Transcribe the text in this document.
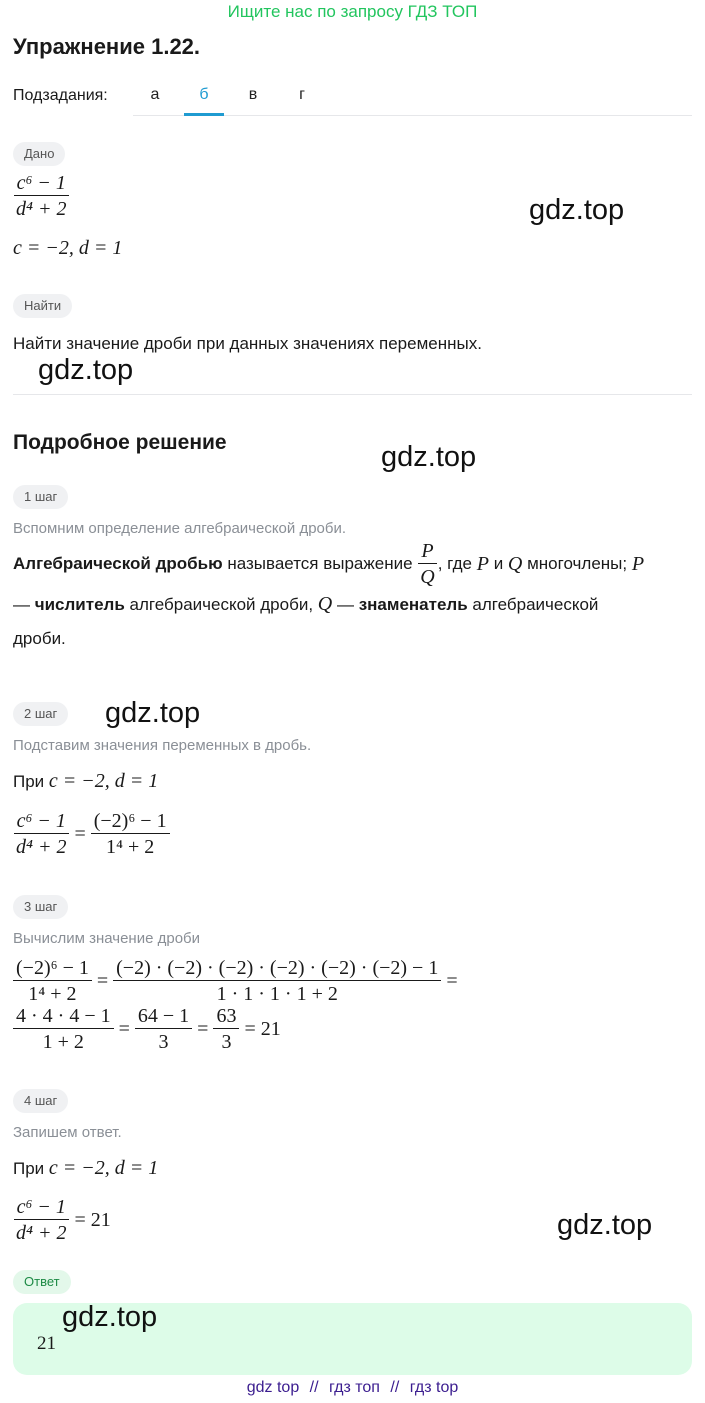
Ищите нас по запросу ГДЗ ТОП
Упражнение 1.22.
Подзадания:	а	б	в	г
Дано
$\frac{\text{c⁶ − 1}}{\text{d⁴ + 2}}$
c = −2, d = 1
gdz.top
Найти
Найти значение дроби при данных значениях переменных.
gdz.top
Подробное решение	gdz.top
1 шаг
Вспомним определение алгебраической дроби.
Алгебраической дробью
называется выражение
$\frac{P}{Q}$ , где
P
и
Q
многочлены;
P
— числитель алгебраической дроби, Q — знаменатель алгебраической
дроби.
2 шаг	gdz.top
Подставим значения переменных в дробь.
При
c = −2, d = 1
$\frac{\text{c⁶ − 1}}{\text{d⁴ + 2}} = \frac{\text{(−2)⁶ − 1}}{\text{1⁴ + 2}}$
3 шаг
Вычислим значение дроби
$\frac{\text{(−2)⁶ − 1}}{\text{1⁴ + 2}} = \frac{(-2) \cdot (-2) \cdot (-2) \cdot (-2) \cdot (-2) \cdot (-2) - 1}{1 \cdot 1 \cdot 1 \cdot 1 + 2}$ =
$\frac{4 \cdot 4 \cdot 4 - 1}{1 + 2} = \frac{64 - 1}{3} = \frac{63}{3} = 21$
4 шаг
Запишем ответ.
При
c = −2, d = 1
$\frac{\text{c⁶ − 1}}{\text{d⁴ + 2}} = 21$	gdz.top
Ответ
21
gdz.top
gdz top // гдз топ // гдз top
